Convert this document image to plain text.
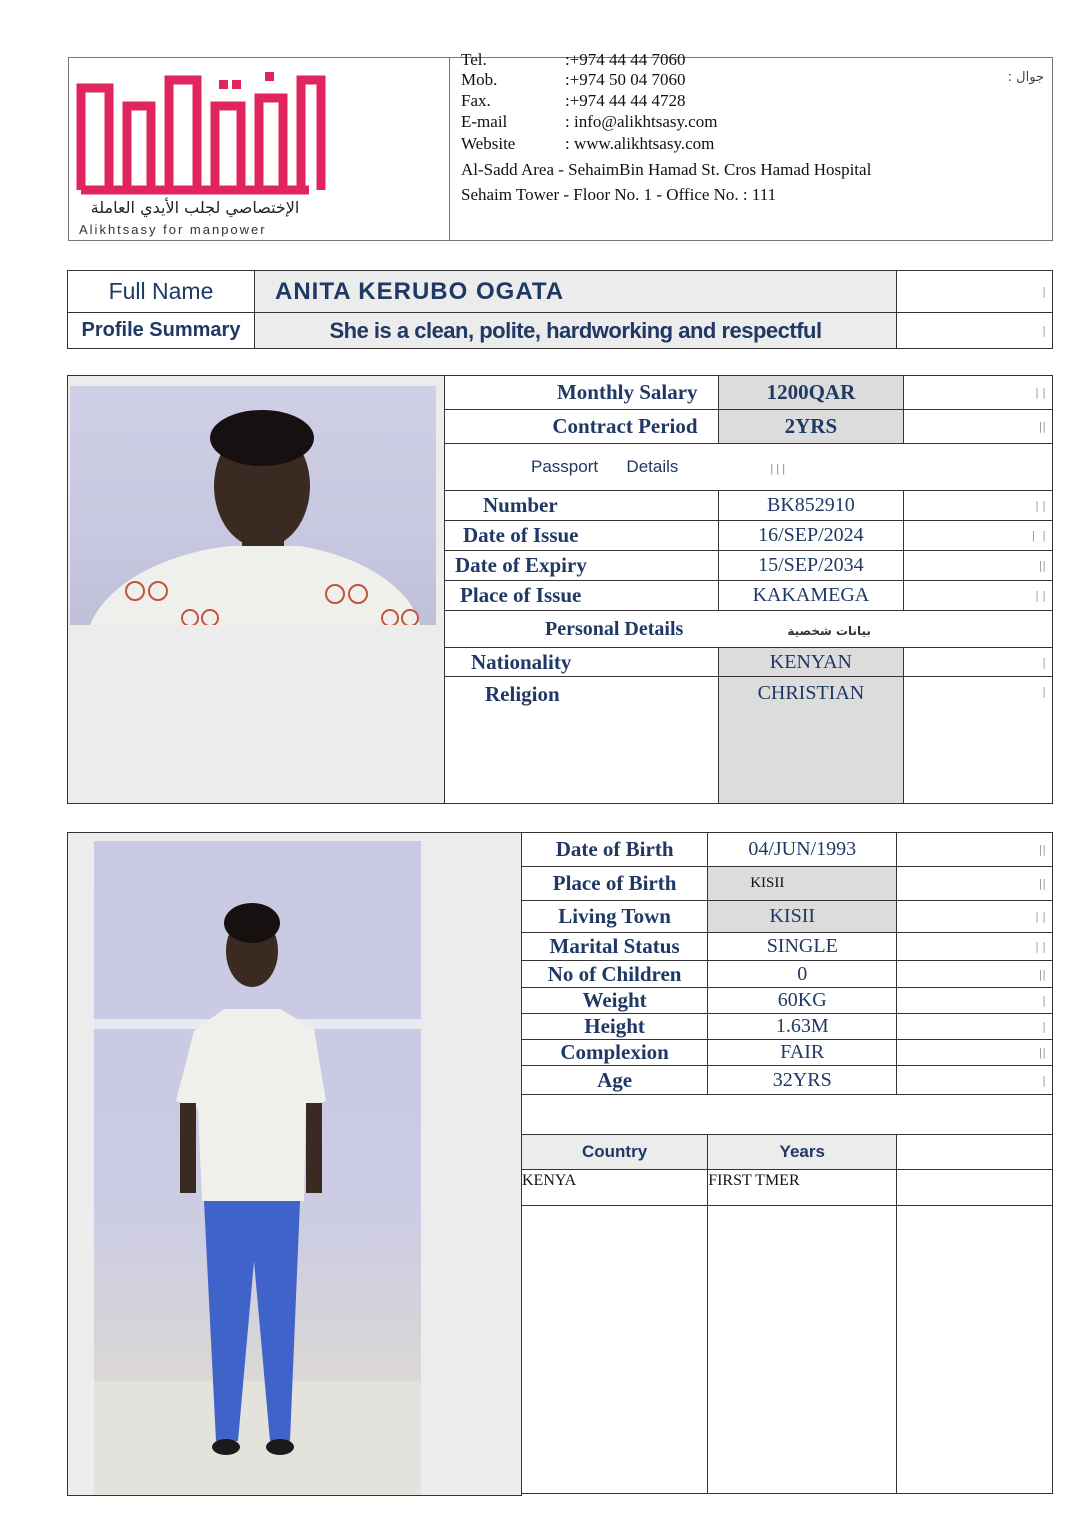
الإختصاصي لجلب الأيدي العاملة
Alikhtsasy for manpower
Tel.	:+974 44 44 7060
Mob.	:+974 50 04 7060
Fax.	:+974 44 44 4728
E-mail	: info@alikhtsasy.com
Website	: www.alikhtsasy.com
Al-Sadd Area - SehaimBin Hamad St. Cros Hamad Hospital
Sehaim Tower - Floor No. 1 - Office No. : 111
جوال :
Full Name	ANITA KERUBO OGATA	|
Profile Summary	She is a clean, polite, hardworking and respectful	|
Monthly Salary	1200QAR	| |
Contract Period	2YRS	||
Passport      Details | | |		
Number	BK852910	| |
Date of Issue	16/SEP/2024	|  |
Date of Expiry	15/SEP/2034	||
Place of Issue	KAKAMEGA	| |
Personal Details بيانات شخصية		
Nationality	KENYAN	|
Religion	CHRISTIAN	|
Date of Birth	04/JUN/1993	||
Place of Birth	KISII	||
Living Town	KISII	| |
Marital Status	SINGLE	| |
No of Children	0	||
Weight	60KG	|
Height	1.63M	|
Complexion	FAIR	||
Age	32YRS	|

Country	Years	
KENYA	FIRST TMER	
